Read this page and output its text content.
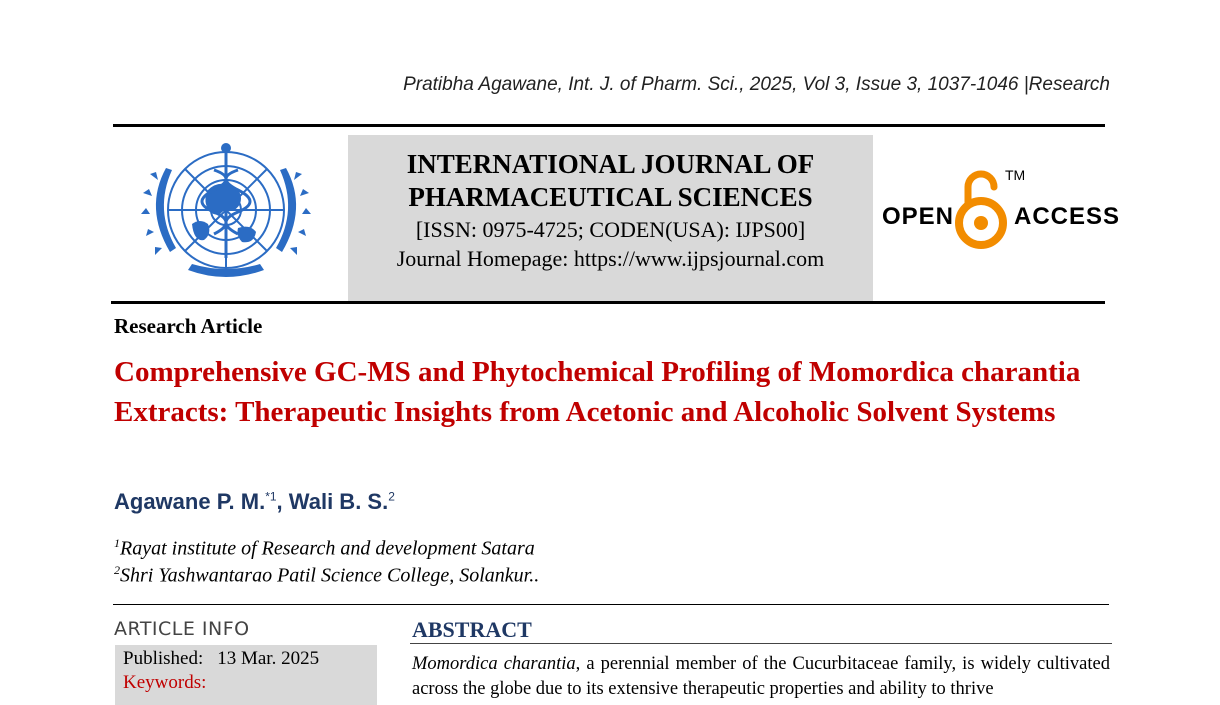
Pratibha Agawane, Int. J. of Pharm. Sci., 2025, Vol 3, Issue 3, 1037-1046 |Research
INTERNATIONAL JOURNAL OF
PHARMACEUTICAL SCIENCES
[ISSN: 0975-4725; CODEN(USA): IJPS00]
Journal Homepage: https://www.ijpsjournal.com
OPEN
TM
ACCESS
Research Article
Comprehensive GC-MS and Phytochemical Profiling of Momordica charantia Extracts: Therapeutic Insights from Acetonic and Alcoholic Solvent Systems
Agawane P. M.$^{*1}$, Wali B. S.$^2$
$^1$Rayat institute of Research and development Satara
$^2$Shri Yashwantarao Patil Science College, Solankur..
ARTICLE INFO
Published: 13 Mar. 2025
Keywords:
ABSTRACT
Momordica charantia, a perennial member of the Cucurbitaceae family, is widely cultivated across the globe due to its extensive therapeutic properties and ability to thrive
